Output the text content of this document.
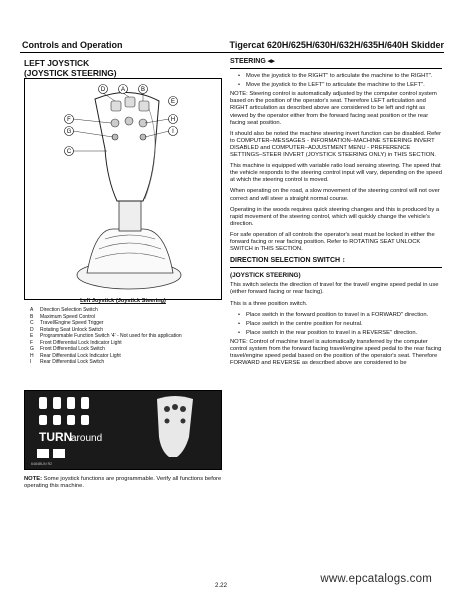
Controls and Operation	Tigercat 620H/625H/630H/632H/635H/640H Skidder
LEFT JOYSTICK
(JOYSTICK STEERING)
D	A	B
F
G
H
I
C
E
Left Joystick (Joystick Steering)
A	Direction Selection Switch
B	Maximum Speed Control
C	Travel/Engine Speed Trigger
D	Rotating Seat Unlock Switch
E	Programmable Function Switch '4' - Not used for this application
F	Front Differential Lock Indicator Light
G	Front Differential Lock Switch
H	Rear Differential Lock Indicator Light
I	Rear Differential Lock Switch
TURN
around
6484BUN R2
NOTE: Some joystick functions are programmable. Verify all functions before operating this machine.
STEERING ◂▸
•	Move the joystick to the RIGHT" to articulate the machine to the RIGHT".
•	Move the joystick to the LEFT" to articulate the machine to the LEFT".

NOTE: Steering control is automatically adjusted by the computer control system based on the position of the operator's seat. Therefore LEFT articulation and RIGHT articulation as described above are considered to be left and right as viewed by the operator either from the forward facing seat position or the rear facing seat position.

It should also be noted the machine steering invert function can be disabled. Refer to COMPUTER–MESSAGES - INFORMATION–MACHINE STEERING INVERT DISABLED and COMPUTER–ADJUSTMENT MENU - PREFERENCE SETTINGS–STEER INVERT (JOYSTICK STEERING ONLY) in THIS SECTION.

This machine is equipped with variable ratio load sensing steering. The speed that the vehicle responds to the steering control input will vary, depending on the speed at which the steering control is moved.

When operating on the road, a slow movement of the steering control will not over correct and will steer a straight normal course.

Operating in the woods requires quick steering changes and this is produced by a rapid movement of the steering control, which will quickly change the vehicle's direction.

For safe operation of all controls the operator's seat must be locked in either the forward facing or rear facing position. Refer to ROTATING SEAT UNLOCK SWITCH in THIS SECTION.

DIRECTION SELECTION SWITCH ↕
(JOYSTICK STEERING)

This switch selects the direction of travel for the travel/ engine speed pedal in use (either forward facing or rear facing).

This is a three position switch.

•	Place switch in the forward position to travel in a FORWARD" direction.
•	Place switch in the centre position for neutral.
•	Place switch in the rear position to travel in a REVERSE" direction.

NOTE: Control of machine travel is automatically transferred by the computer control system from the forward facing travel/engine speed pedal to the rear facing travel/engine speed pedal based on the position of the operator's seat. Therefore FORWARD and REVERSE as described above are considered to be

2.22
www.epcatalogs.com
